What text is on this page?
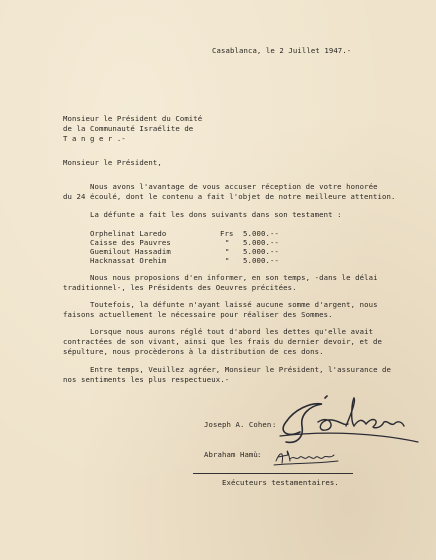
Casablanca, le 2 Juillet 1947.-

Monsieur le Président du Comité

de la Communauté Israélite de

T a n g e r .-

Monsieur le Président,

Nous avons l'avantage de vous accuser réception de votre honorée

du 24 écoulé, dont le contenu a fait l'objet de notre meilleure attention.

La défunte a fait les dons suivants dans son testament :

Orphelinat Laredo	Frs 5.000.--

Caisse des Pauvres	" 5.000.--

Guemilout Hassadim	" 5.000.--

Hacknassat Orehim	" 5.000.--

Nous nous proposions d'en informer, en son temps, -dans le délai

traditionnel-, les Présidents des Oeuvres précitées.

Toutefois, la défunte n'ayant laissé aucune somme d'argent, nous

faisons actuellement le nécessaire pour réaliser des Sommes.

Lorsque nous aurons réglé tout d'abord les dettes qu'elle avait

contractées de son vivant, ainsi que les frais du dernier devoir, et de

sépulture, nous procèderons à la distribution de ces dons.

Entre temps, Veuillez agréer, Monsieur le Président, l'assurance de

nos sentiments les plus respectueux.-

Joseph A. Cohen :

Abraham Hamù :

Exécuteurs testamentaires.
